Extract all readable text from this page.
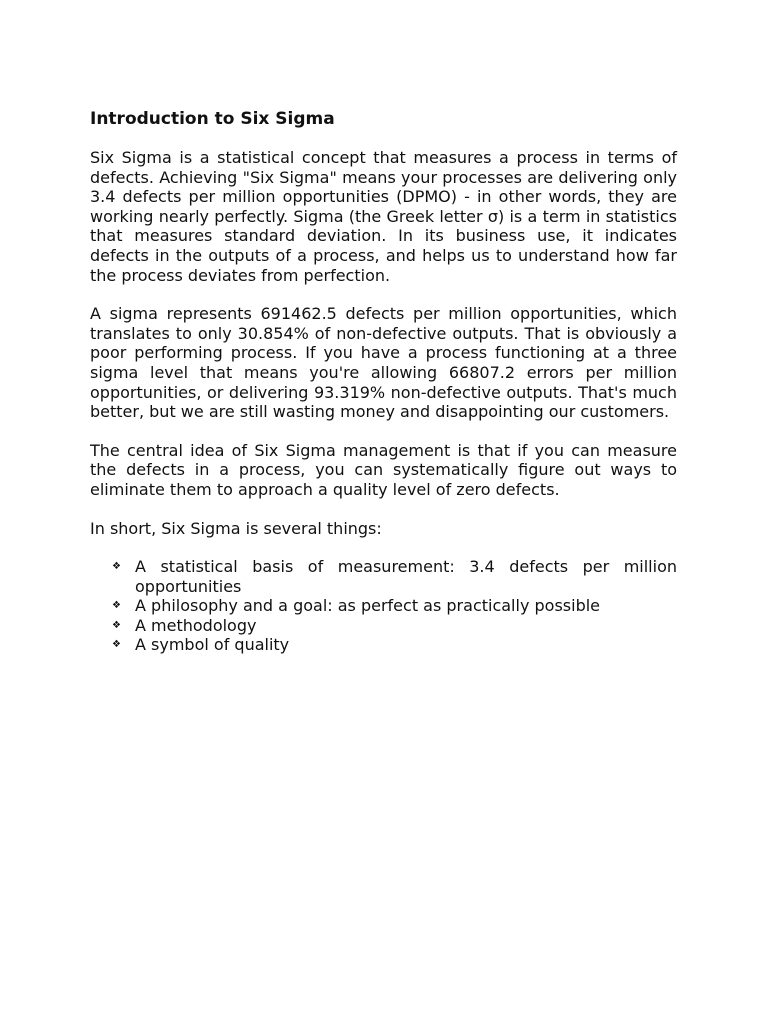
Introduction to Six Sigma

Six Sigma is a statistical concept that measures a process in terms of defects. Achieving "Six Sigma" means your processes are delivering only 3.4 defects per million opportunities (DPMO) - in other words, they are working nearly perfectly. Sigma (the Greek letter σ) is a term in statistics that measures standard deviation. In its business use, it indicates defects in the outputs of a process, and helps us to understand how far the process deviates from perfection.

A sigma represents 691462.5 defects per million opportunities, which translates to only 30.854% of non-defective outputs. That is obviously a poor performing process. If you have a process functioning at a three sigma level that means you're allowing 66807.2 errors per million opportunities, or delivering 93.319% non-defective outputs. That's much better, but we are still wasting money and disappointing our customers.

The central idea of Six Sigma management is that if you can measure the defects in a process, you can systematically figure out ways to eliminate them to approach a quality level of zero defects.

In short, Six Sigma is several things:

❖ A statistical basis of measurement: 3.4 defects per million opportunities
❖ A philosophy and a goal: as perfect as practically possible
❖ A methodology
❖ A symbol of quality
